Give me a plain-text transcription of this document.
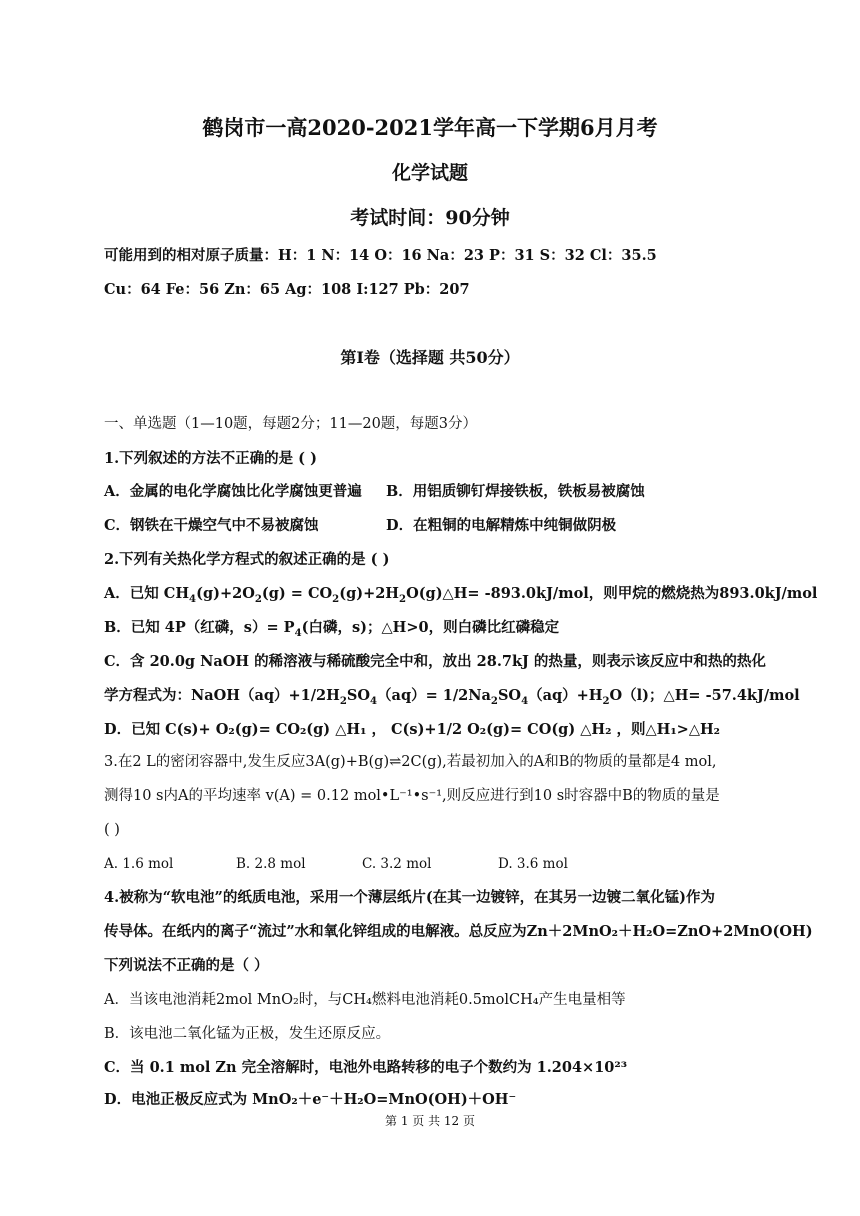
鹤岗市一高2020-2021学年高一下学期6月月考
化学试题
考试时间：90分钟
可能用到的相对原子质量：H：1 N：14 O：16 Na：23 P：31 S：32 Cl：35.5
Cu：64 Fe：56 Zn：65 Ag：108 I:127 Pb：207
第I卷（选择题 共50分）
一、单选题（1—10题，每题2分；11—20题，每题3分）
1.下列叙述的方法不正确的是 ( )
A．金属的电化学腐蚀比化学腐蚀更普遍 B．用铝质铆钉焊接铁板，铁板易被腐蚀
C．钢铁在干燥空气中不易被腐蚀	D．在粗铜的电解精炼中纯铜做阴极
2.下列有关热化学方程式的叙述正确的是 ( )
A．已知 $CH_4(g)+2O_2(g)$ = $CO_2(g)+2H_2O(g)\triangle H= -893.0kJ/mol$，则甲烷的燃烧热为893.0kJ/mol
B．已知 4P（红磷，$s)= P_4$(白磷，s)；△H>0，则白磷比红磷稳定
C．含 20.0g NaOH 的稀溶液与稀硫酸完全中和，放出 28.7kJ 的热量，则表示该反应中和热的热化
学方程式为：$NaOH(aq)+1/2H_2SO_4(aq)= 1/2Na_2SO_4(aq)+H_2O(l)$；△H= -57.4kJ/mol
D．已知 C(s)+ O₂(g)= CO₂(g) △H₁ ， C(s)+1/2 O₂(g)= CO(g) △H₂ ，则△H₁>△H₂
3.在2 L的密闭容器中,发生反应3A(g)+B(g)⇌2C(g),若最初加入的A和B的物质的量都是4 mol,
测得10 s内A的平均速率 v(A) = 0.12 mol•L⁻¹•s⁻¹,则反应进行到10 s时容器中B的物质的量是
( )
A. 1.6 mol	B. 2.8 mol	C. 3.2 mol	D. 3.6 mol
4.被称为“软电池”的纸质电池，采用一个薄层纸片(在其一边镀锌，在其另一边镀二氧化锰)作为
传导体。在纸内的离子“流过”水和氧化锌组成的电解液。总反应为Zn＋2MnO₂＋H₂O=ZnO+2MnO(OH)
下列说法不正确的是（ ）
A．当该电池消耗2mol MnO₂时，与CH₄燃料电池消耗0.5molCH₄产生电量相等
B．该电池二氧化锰为正极，发生还原反应。
C．当 0.1 mol Zn 完全溶解时，电池外电路转移的电子个数约为 1.204×10²³
D．电池正极反应式为 MnO₂＋e⁻＋H₂O=MnO(OH)＋OH⁻
第 1 页 共 12 页
